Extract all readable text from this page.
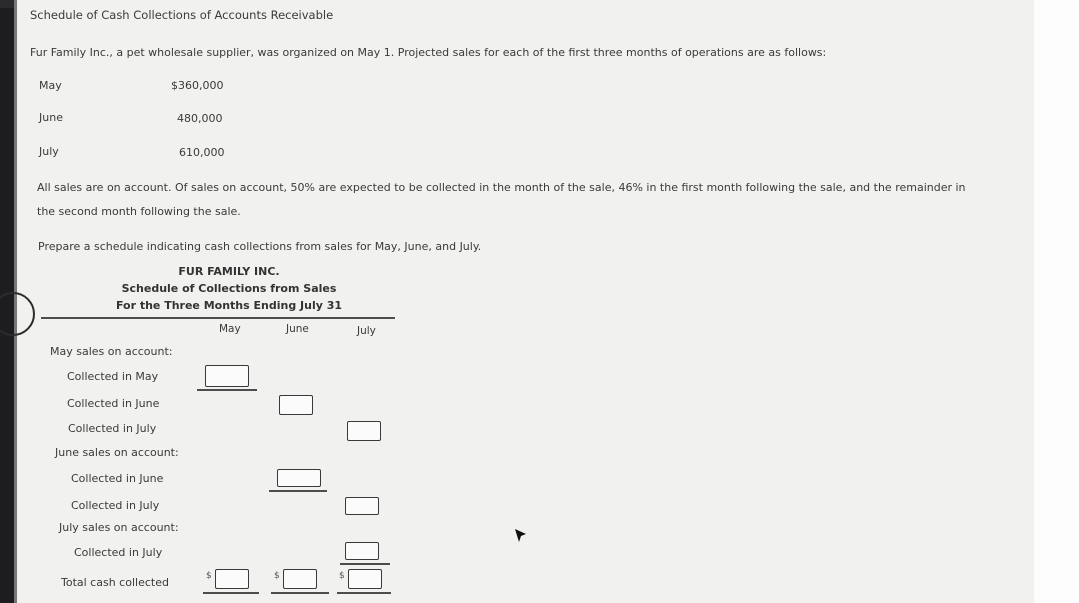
Schedule of Cash Collections of Accounts Receivable
Fur Family Inc., a pet wholesale supplier, was organized on May 1. Projected sales for each of the first three months of operations are as follows:
May	$360,000
June	480,000
July	610,000
All sales are on account. Of sales on account, 50% are expected to be collected in the month of the sale, 46% in the first month following the sale, and the remainder in
the second month following the sale.
Prepare a schedule indicating cash collections from sales for May, June, and July.
FUR FAMILY INC.
Schedule of Collections from Sales
For the Three Months Ending July 31
May	June	July
May sales on account:
Collected in May
Collected in June
Collected in July
June sales on account:
Collected in June
Collected in July
July sales on account:
Collected in July
Total cash collected	$	$	$
